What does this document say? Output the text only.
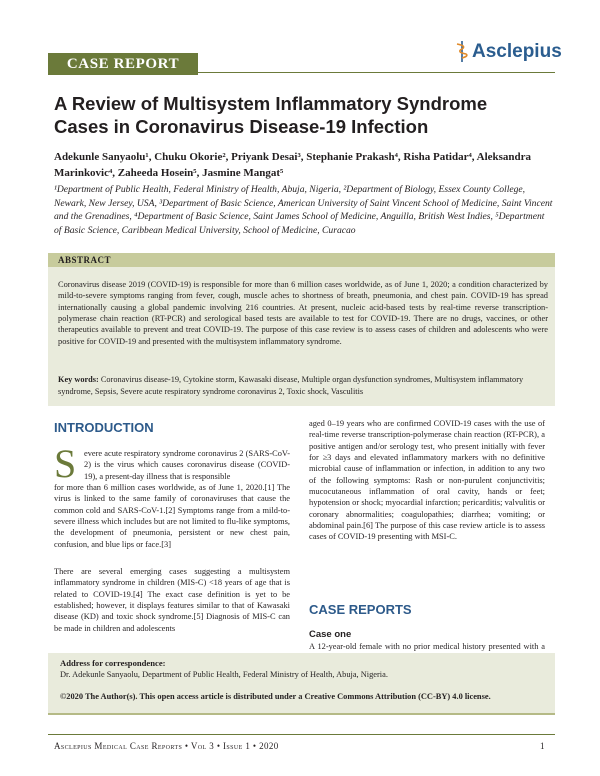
CASE REPORT
Asclepius
A Review of Multisystem Inflammatory Syndrome Cases in Coronavirus Disease-19 Infection
Adekunle Sanyaolu¹, Chuku Okorie², Priyank Desai³, Stephanie Prakash⁴, Risha Patidar⁴, Aleksandra Marinkovic⁴, Zaheeda Hosein⁵, Jasmine Mangat⁵
¹Department of Public Health, Federal Ministry of Health, Abuja, Nigeria, ²Department of Biology, Essex County College, Newark, New Jersey, USA, ³Department of Basic Science, American University of Saint Vincent School of Medicine, Saint Vincent and the Grenadines, ⁴Department of Basic Science, Saint James School of Medicine, Anguilla, British West Indies, ⁵Department of Basic Science, Caribbean Medical University, School of Medicine, Curacao
ABSTRACT
Coronavirus disease 2019 (COVID-19) is responsible for more than 6 million cases worldwide, as of June 1, 2020; a condition characterized by mild-to-severe symptoms ranging from fever, cough, muscle aches to shortness of breath, pneumonia, and chest pain. COVID-19 has spread internationally causing a global pandemic involving 216 countries. At present, nucleic acid-based tests by real-time reverse transcription-polymerase chain reaction (RT-PCR) and serological based tests are available to test for COVID-19. There are no drugs, vaccines, or other therapeutics available to prevent and treat COVID-19. The purpose of this case review is to assess cases of children and adolescents who were positive for COVID-19 and presented with the multisystem inflammatory syndrome.
Key words: Coronavirus disease-19, Cytokine storm, Kawasaki disease, Multiple organ dysfunction syndromes, Multisystem inflammatory syndrome, Sepsis, Severe acute respiratory syndrome coronavirus 2, Toxic shock, Vasculitis
INTRODUCTION
S evere acute respiratory syndrome coronavirus 2 (SARS-CoV-2) is the virus which causes coronavirus disease (COVID-19), a present-day illness that is responsible
for more than 6 million cases worldwide, as of June 1, 2020.[1] The virus is linked to the same family of coronaviruses that cause the common cold and SARS-CoV-1.[2] Symptoms range from a mild-to-severe illness which includes but are not limited to flu-like symptoms, the development of pneumonia, persistent or new chest pain, confusion, and blue lips or face.[3]
There are several emerging cases suggesting a multisystem inflammatory syndrome in children (MIS-C) <18 years of age that is related to COVID-19.[4] The exact case definition is yet to be established; however, it displays features similar to that of Kawasaki disease (KD) and toxic shock syndrome.[5] Diagnosis of MIS-C can be made in children and adolescents
aged 0–19 years who are confirmed COVID-19 cases with the use of real-time reverse transcription-polymerase chain reaction (RT-PCR), a positive antigen and/or serology test, who present initially with fever for ≥3 days and elevated inflammatory markers with no definitive microbial cause of inflammation or infection, in addition to any two of the following symptoms: Rash or non-purulent conjunctivitis; mucocutaneous inflammation of oral cavity, hands or feet; hypotension or shock; myocardial infarction; pericarditis; valvulitis or coronary abnormalities; coagulopathies; diarrhea; vomiting; or abdominal pain.[6] The purpose of this case review article is to assess cases of COVID-19 presenting with MSI-C.
CASE REPORTS
Case one
A 12-year-old female with no prior medical history presented with a
Address for correspondence:
Dr. Adekunle Sanyaolu, Department of Public Health, Federal Ministry of Health, Abuja, Nigeria.
©2020 The Author(s). This open access article is distributed under a Creative Commons Attribution (CC-BY) 4.0 license.
Asclepius Medical Case Reports • Vol 3 • Issue 1 • 2020	1
